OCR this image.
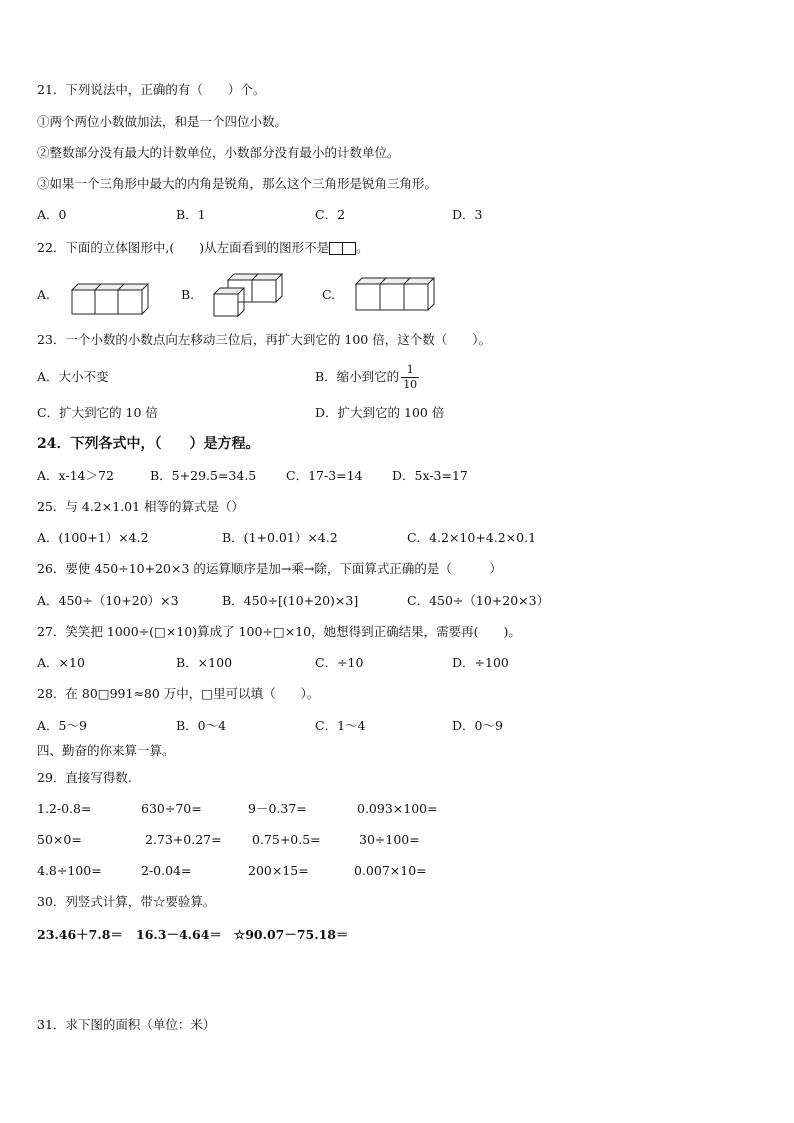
21．下列说法中，正确的有（　　）个。
①两个两位小数做加法，和是一个四位小数。
②整数部分没有最大的计数单位，小数部分没有最小的计数单位。
③如果一个三角形中最大的内角是锐角，那么这个三角形是锐角三角形。
A．0	B．1	C．2	D．3
22．下面的立体图形中,(　　)从左面看到的图形不是 。
A.	B.	C.
23．一个小数的小数点向左移动三位后，再扩大到它的 100 倍，这个数（　　）。
A．大小不变	B．缩小到它的 $\frac{1}{10}$
C．扩大到它的 10 倍	D．扩大到它的 100 倍
24．下列各式中，（　　）是方程。
A．x-14＞72	B．5+29.5=34.5 C．17-3=14 D．5x-3=17
25．与 4.2×1.01 相等的算式是（）
A．(100+1）×4.2	B．(1+0.01）×4.2	C．4.2×10+4.2×0.1
26．要使 450÷10+20×3 的运算顺序是加→乘→除，下面算式正确的是（　　　）
A．450÷（10+20）×3	B．450÷[(10+20)×3]	C．450÷（10+20×3）
27．笑笑把 1000÷(□×10)算成了 100÷□×10，她想得到正确结果，需要再(　　)。
A．×10	B．×100	C．÷10	D．÷100
28．在 80□991≈80 万中，□里可以填（　　）。
A．5～9	B．0～4	C．1～4	D．0～9
四、勤奋的你来算一算。
29．直接写得数.
1.2-0.8=	630÷70=	9－0.37=	0.093×100=
50×0=	2.73+0.27= 0.75+0.5=	30÷100=
4.8÷100=	2-0.04=	200×15=	0.007×10=
30．列竖式计算，带☆要验算。
23.46＋7.8＝ 16.3－4.64＝ ☆90.07－75.18＝
31．求下图的面积（单位：米）
